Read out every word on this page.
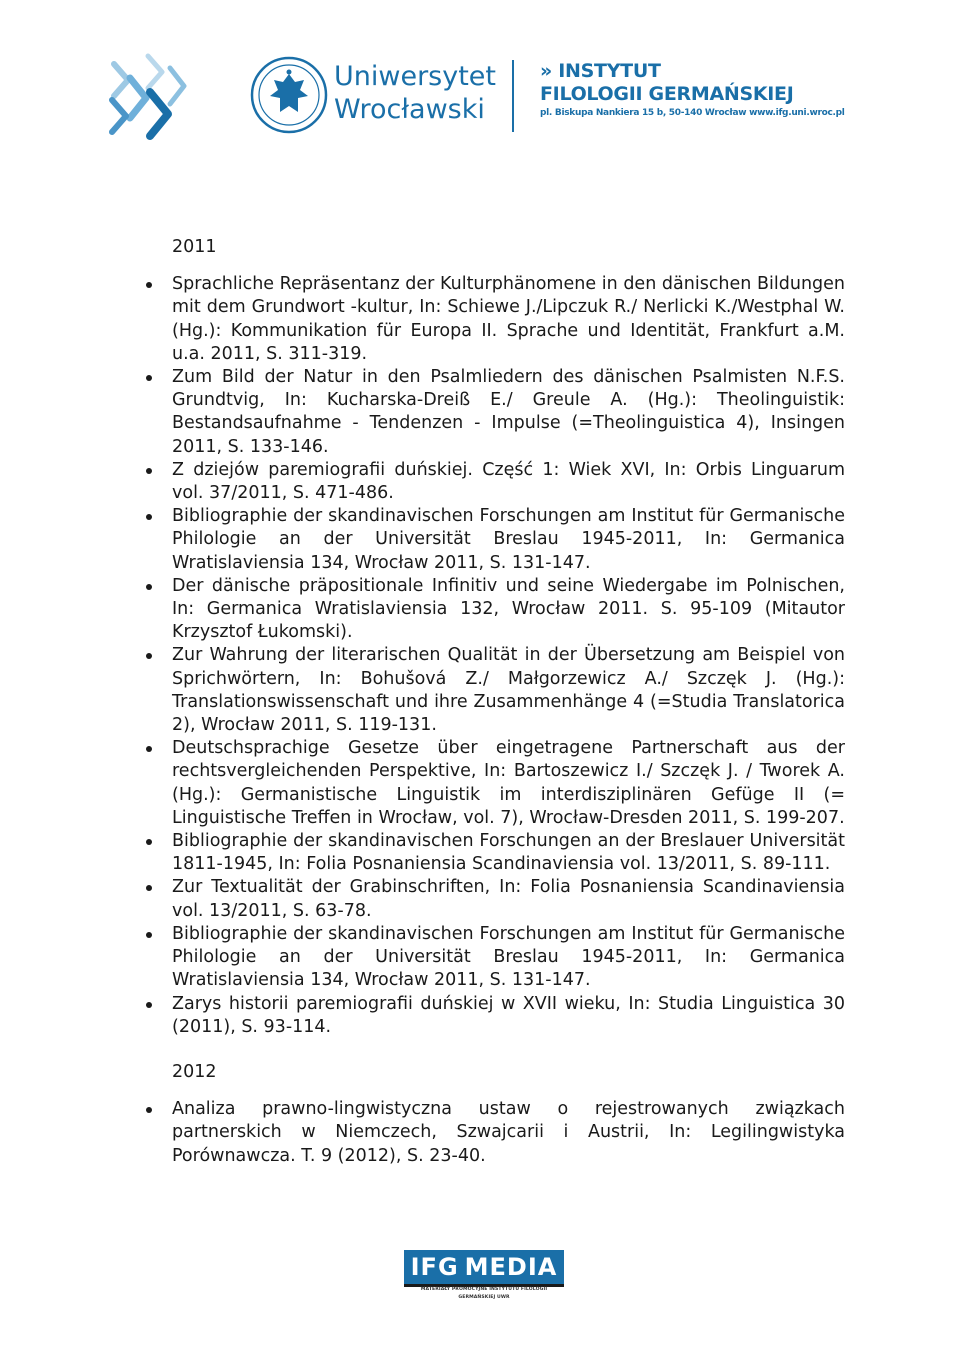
Uniwersytet
Wrocławski
» INSTYTUT
FILOLOGII GERMAŃSKIEJ
pl. Biskupa Nankiera 15 b, 50-140 Wrocław www.ifg.uni.wroc.pl
2011
Sprachliche Repräsentanz der Kulturphänomene in den dänischen Bildungen mit dem Grundwort -kultur, In: Schiewe J./Lipczuk R./ Nerlicki K./Westphal W. (Hg.): Kommunikation für Europa II. Sprache und Identität, Frankfurt a.M. u.a. 2011, S. 311-319.
Zum Bild der Natur in den Psalmliedern des dänischen Psalmisten N.F.S. Grundtvig, In: Kucharska-Dreiß E./ Greule A. (Hg.): Theolinguistik: Bestandsaufnahme - Tendenzen - Impulse (=Theolinguistica 4), Insingen 2011, S. 133-146.
Z dziejów paremiografii duńskiej. Część 1: Wiek XVI, In: Orbis Linguarum vol. 37/2011, S. 471-486.
Bibliographie der skandinavischen Forschungen am Institut für Germanische Philologie an der Universität Breslau 1945-2011, In: Germanica Wratislaviensia 134, Wrocław 2011, S. 131-147.
Der dänische präpositionale Infinitiv und seine Wiedergabe im Polnischen, In: Germanica Wratislaviensia 132, Wrocław 2011. S. 95-109 (Mitautor Krzysztof Łukomski).
Zur Wahrung der literarischen Qualität in der Übersetzung am Beispiel von Sprichwörtern, In: Bohušová Z./ Małgorzewicz A./ Szczęk J. (Hg.): Translationswissenschaft und ihre Zusammenhänge 4 (=Studia Translatorica 2), Wrocław 2011, S. 119-131.
Deutschsprachige Gesetze über eingetragene Partnerschaft aus der rechtsvergleichenden Perspektive, In: Bartoszewicz I./ Szczęk J. / Tworek A. (Hg.): Germanistische Linguistik im interdisziplinären Gefüge II (= Linguistische Treffen in Wrocław, vol. 7), Wrocław-Dresden 2011, S. 199-207.
Bibliographie der skandinavischen Forschungen an der Breslauer Universität 1811-1945, In: Folia Posnaniensia Scandinaviensia vol. 13/2011, S. 89-111.
Zur Textualität der Grabinschriften, In: Folia Posnaniensia Scandinaviensia vol. 13/2011, S. 63-78.
Bibliographie der skandinavischen Forschungen am Institut für Germanische Philologie an der Universität Breslau 1945-2011, In: Germanica Wratislaviensia 134, Wrocław 2011, S. 131-147.
Zarys historii paremiografii duńskiej w XVII wieku, In: Studia Linguistica 30 (2011), S. 93-114.
2012
Analiza prawno-lingwistyczna ustaw o rejestrowanych związkach partnerskich w Niemczech, Szwajcarii i Austrii, In: Legilingwistyka Porównawcza. T. 9 (2012), S. 23-40.
IFG MEDIA
MATERIAŁY PROMOCYJNE INSTYTUTU FILOLOGII GERMAŃSKIEJ UWR
